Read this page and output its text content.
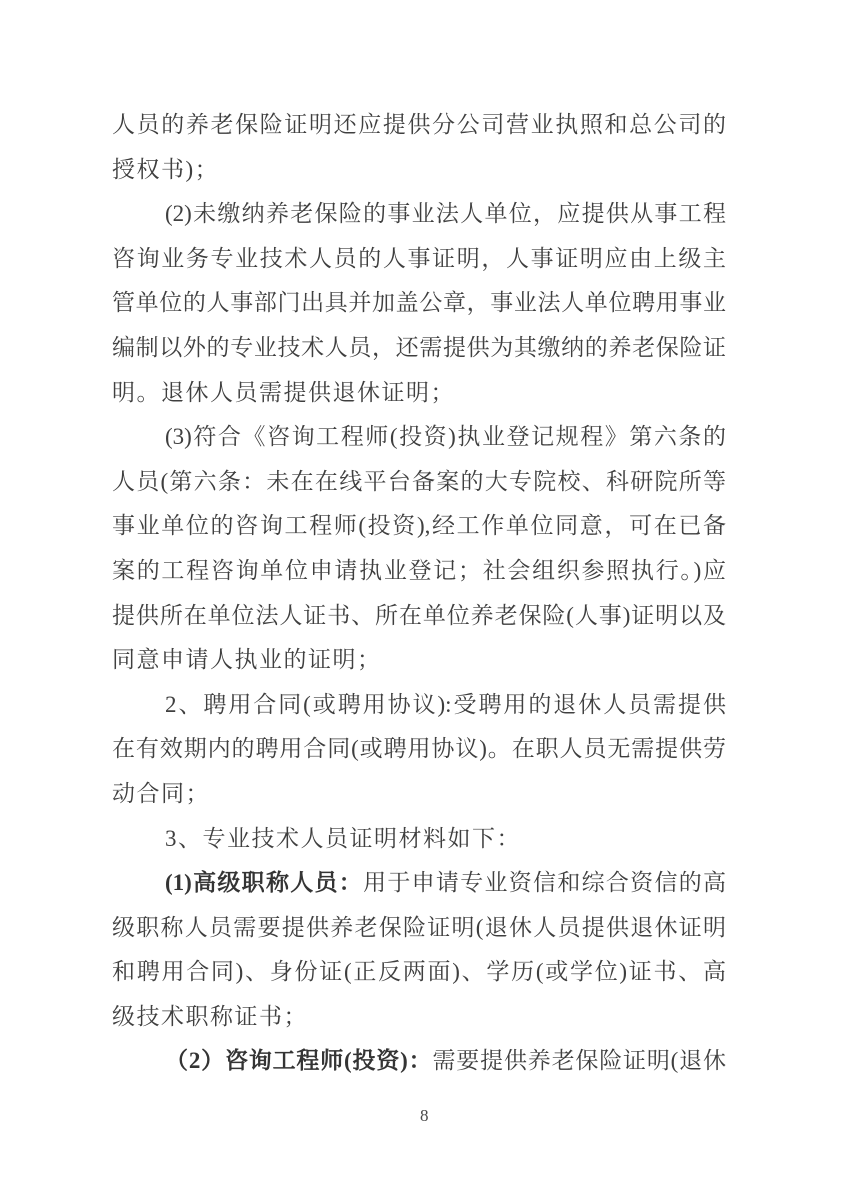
人员的养老保险证明还应提供分公司营业执照和总公司的
授权书)；
(2)未缴纳养老保险的事业法人单位，应提供从事工程
咨询业务专业技术人员的人事证明，人事证明应由上级主
管单位的人事部门出具并加盖公章，事业法人单位聘用事业
编制以外的专业技术人员，还需提供为其缴纳的养老保险证
明。退休人员需提供退休证明；
(3)符合《咨询工程师(投资)执业登记规程》第六条的
人员(第六条：未在在线平台备案的大专院校、科研院所等
事业单位的咨询工程师(投资),经工作单位同意，可在已备
案的工程咨询单位申请执业登记；社会组织参照执行。)应
提供所在单位法人证书、所在单位养老保险(人事)证明以及
同意申请人执业的证明；
2、聘用合同(或聘用协议):受聘用的退休人员需提供
在有效期内的聘用合同(或聘用协议)。在职人员无需提供劳
动合同；
3、专业技术人员证明材料如下：
(1)高级职称人员：用于申请专业资信和综合资信的高
级职称人员需要提供养老保险证明(退休人员提供退休证明
和聘用合同)、身份证(正反两面)、学历(或学位)证书、高
级技术职称证书；
（2）咨询工程师(投资)：需要提供养老保险证明(退休
8
